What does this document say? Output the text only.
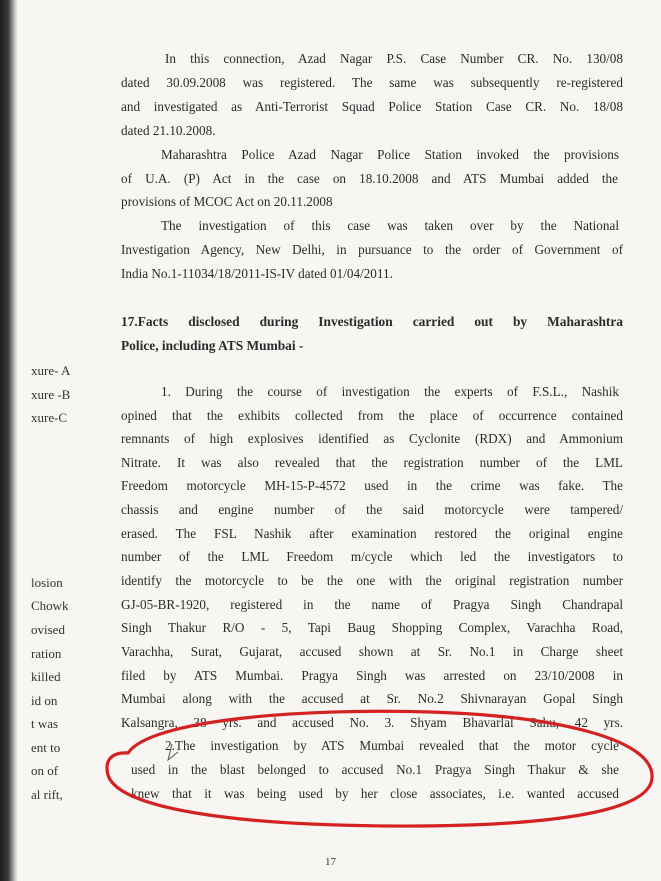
xure- A
xure -B
xure-C
losion
Chowk
ovised
ration
killed
id on
t was
ent to
on of
al rift,
In this connection, Azad Nagar P.S. Case Number CR. No. 130/08
dated 30.09.2008 was registered. The same was subsequently re-registered
and investigated as Anti-Terrorist Squad Police Station Case CR. No. 18/08
dated 21.10.2008.
Maharashtra Police Azad Nagar Police Station invoked the provisions
of U.A. (P) Act in the case on 18.10.2008 and ATS Mumbai added the
provisions of MCOC Act on 20.11.2008
The investigation of this case was taken over by the National
Investigation Agency, New Delhi, in pursuance to the order of Government of
India No.1-11034/18/2011-IS-IV dated 01/04/2011.
17.Facts disclosed during Investigation carried out by Maharashtra
Police, including ATS Mumbai -
1. During the course of investigation the experts of F.S.L., Nashik
opined that the exhibits collected from the place of occurrence contained
remnants of high explosives identified as Cyclonite (RDX) and Ammonium
Nitrate. It was also revealed that the registration number of the LML
Freedom motorcycle MH-15-P-4572 used in the crime was fake. The
chassis and engine number of the said motorcycle were tampered/
erased. The FSL Nashik after examination restored the original engine
number of the LML Freedom m/cycle which led the investigators to
identify the motorcycle to be the one with the original registration number
GJ-05-BR-1920, registered in the name of Pragya Singh Chandrapal
Singh Thakur R/O - 5, Tapi Baug Shopping Complex, Varachha Road,
Varachha, Surat, Gujarat, accused shown at Sr. No.1 in Charge sheet
filed by ATS Mumbai. Pragya Singh was arrested on 23/10/2008 in
Mumbai along with the accused at Sr. No.2 Shivnarayan Gopal Singh
Kalsangra, 38 yrs. and accused No. 3. Shyam Bhavarlal Sahu, 42 yrs.
2.The investigation by ATS Mumbai revealed that the motor cycle
used in the blast belonged to accused No.1 Pragya Singh Thakur & she
knew that it was being used by her close associates, i.e. wanted accused
17
